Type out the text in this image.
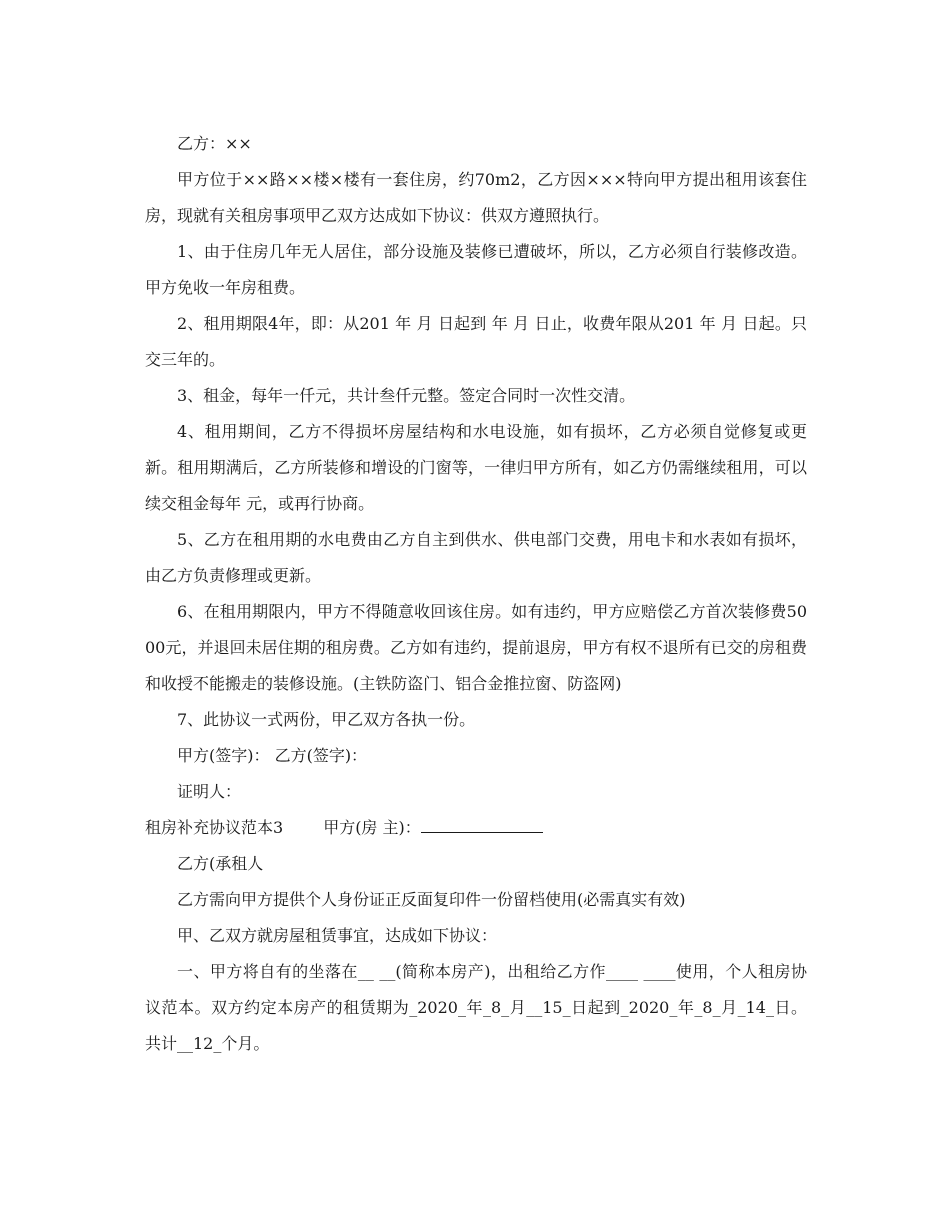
乙方：××

甲方位于××路××楼×楼有一套住房，约70m2，乙方因×××特向甲方提出租用该套住房，现就有关租房事项甲乙双方达成如下协议：供双方遵照执行。

1、由于住房几年无人居住，部分设施及装修已遭破坏，所以，乙方必须自行装修改造。甲方免收一年房租费。

2、租用期限4年，即：从201 年 月 日起到 年 月 日止，收费年限从201 年 月 日起。只交三年的。

3、租金，每年一仟元，共计叁仟元整。签定合同时一次性交清。

4、租用期间，乙方不得损坏房屋结构和水电设施，如有损坏，乙方必须自觉修复或更新。租用期满后，乙方所装修和增设的门窗等，一律归甲方所有，如乙方仍需继续租用，可以续交租金每年 元，或再行协商。

5、乙方在租用期的水电费由乙方自主到供水、供电部门交费，用电卡和水表如有损坏，由乙方负责修理或更新。

6、在租用期限内，甲方不得随意收回该住房。如有违约，甲方应赔偿乙方首次装修费5000元，并退回未居住期的租房费。乙方如有违约，提前退房，甲方有权不退所有已交的房租费和收授不能搬走的装修设施。(主铁防盗门、铝合金推拉窗、防盗网)

7、此协议一式两份，甲乙双方各执一份。

甲方(签字)： 乙方(签字)：

证明人：

租房补充协议范本3	甲方(房 主)：

乙方(承租人

乙方需向甲方提供个人身份证正反面复印件一份留档使用(必需真实有效)

甲、乙双方就房屋租赁事宜，达成如下协议：

一、甲方将自有的坐落在__ __(简称本房产)，出租给乙方作____ ____使用，个人租房协议范本。双方约定本房产的租赁期为_2020_年_8_月__15_日起到_2020_年_8_月_14_日。共计__12_个月。
